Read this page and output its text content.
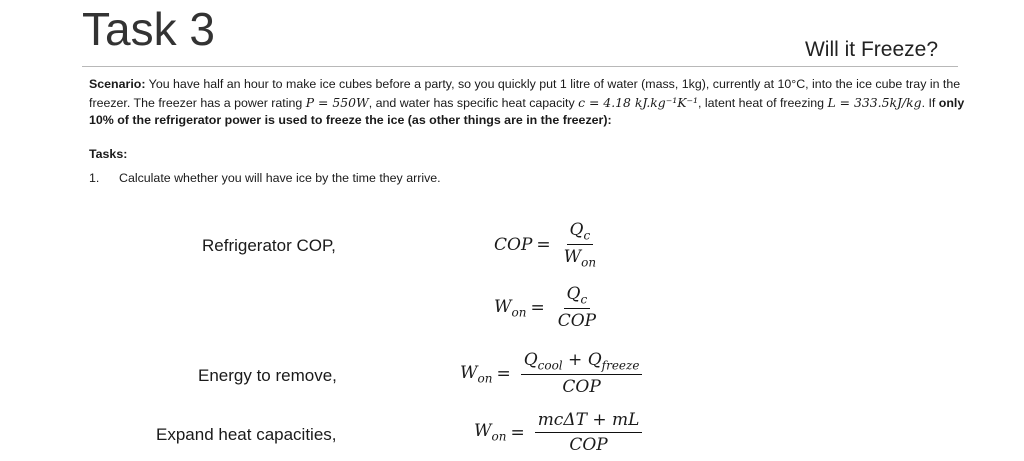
Task 3	Will it Freeze?
Scenario: You have half an hour to make ice cubes before a party, so you quickly put 1 litre of water (mass, 1kg), currently at 10°C, into the ice cube tray in the freezer. The freezer has a power rating P = 550W, and water has specific heat capacity c = 4.18 kJ.kg⁻¹K⁻¹, latent heat of freezing L = 333.5kJ/kg. If only 10% of the refrigerator power is used to freeze the ice (as other things are in the freezer):
Tasks:
1. Calculate whether you will have ice by the time they arrive.
Refrigerator COP,	COP = $\frac{Q_c}{W_{on}}$
$W_{on} = \frac{Q_c}{\text{COP}}$
Energy to remove,	$W_{on} = \frac{Q_{cool} + Q_{freeze}}{\text{COP}}$
Expand heat capacities,	$W_{on} = \frac{\text{mcΔT + mL}}{\text{COP}}$
